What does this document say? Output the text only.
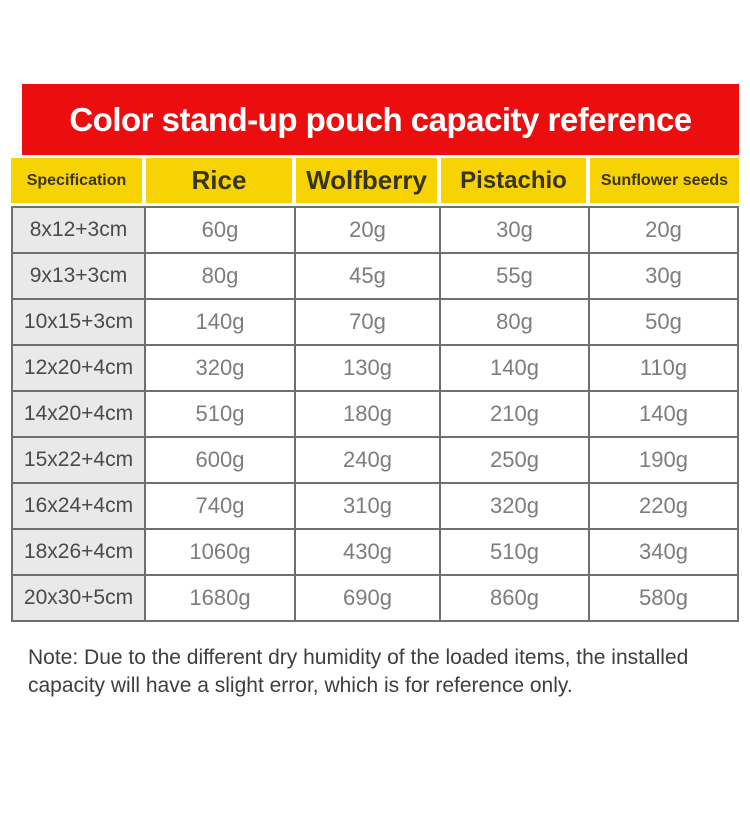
Color stand-up pouch capacity reference
Specification	Rice	Wolfberry	Pistachio	Sunflower seeds
8x12+3cm	60g	20g	30g	20g
9x13+3cm	80g	45g	55g	30g
10x15+3cm	140g	70g	80g	50g
12x20+4cm	320g	130g	140g	110g
14x20+4cm	510g	180g	210g	140g
15x22+4cm	600g	240g	250g	190g
16x24+4cm	740g	310g	320g	220g
18x26+4cm	1060g	430g	510g	340g
20x30+5cm	1680g	690g	860g	580g
Note: Due to the different dry humidity of the loaded items, the installed
capacity will have a slight error, which is for reference only.
